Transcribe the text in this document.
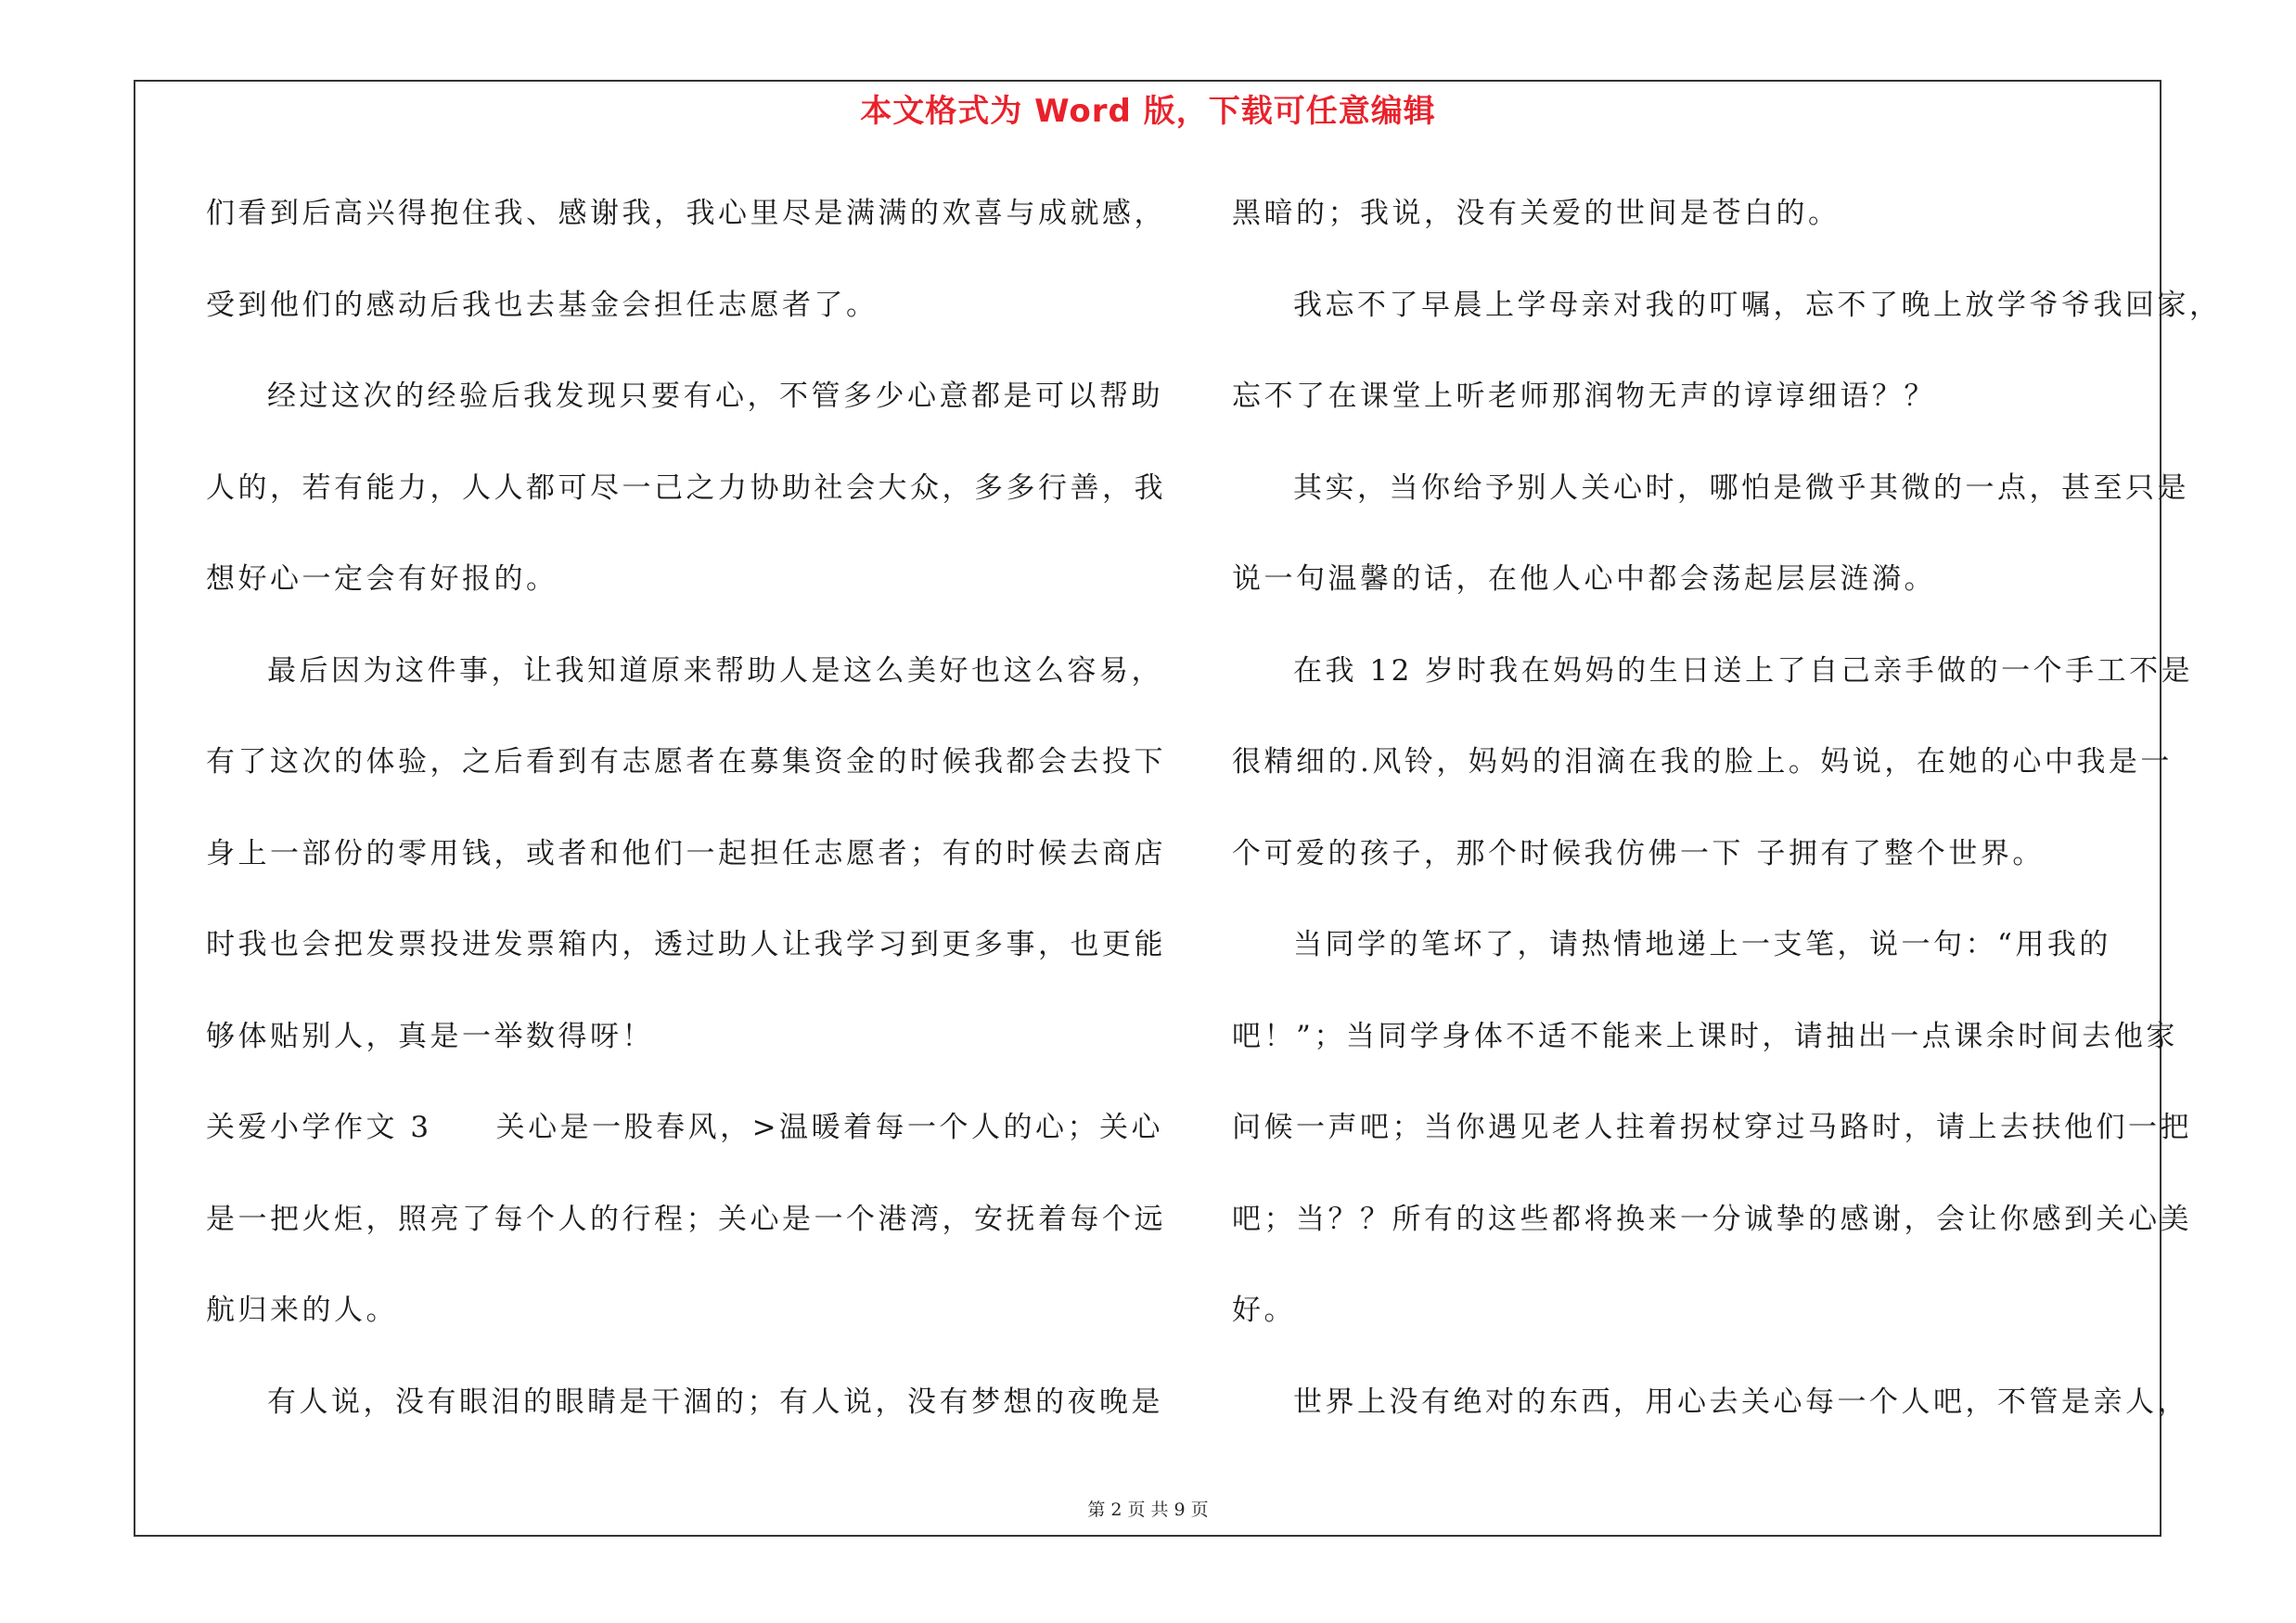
本文格式为 Word 版，下载可任意编辑
们看到后高兴得抱住我、感谢我，我心里尽是满满的欢喜与成就感，
受到他们的感动后我也去基金会担任志愿者了。
经过这次的经验后我发现只要有心，不管多少心意都是可以帮助
人的，若有能力，人人都可尽一己之力协助社会大众，多多行善，我
想好心一定会有好报的。
最后因为这件事，让我知道原来帮助人是这么美好也这么容易，
有了这次的体验，之后看到有志愿者在募集资金的时候我都会去投下
身上一部份的零用钱，或者和他们一起担任志愿者；有的时候去商店
时我也会把发票投进发票箱内，透过助人让我学习到更多事，也更能
够体贴别人，真是一举数得呀！
关爱小学作文 3　　关心是一股春风，>温暖着每一个人的心；关心
是一把火炬，照亮了每个人的行程；关心是一个港湾，安抚着每个远
航归来的人。
有人说，没有眼泪的眼睛是干涸的；有人说，没有梦想的夜晚是
黑暗的；我说，没有关爱的世间是苍白的。
我忘不了早晨上学母亲对我的叮嘱，忘不了晚上放学爷爷我回家，
忘不了在课堂上听老师那润物无声的谆谆细语？？
其实，当你给予别人关心时，哪怕是微乎其微的一点，甚至只是
说一句温馨的话，在他人心中都会荡起层层涟漪。
在我 12 岁时我在妈妈的生日送上了自己亲手做的一个手工不是
很精细的.风铃，妈妈的泪滴在我的脸上。妈说，在她的心中我是一
个可爱的孩子，那个时候我仿佛一下 子拥有了整个世界。
当同学的笔坏了，请热情地递上一支笔，说一句：“用我的
吧！”；当同学身体不适不能来上课时，请抽出一点课余时间去他家
问候一声吧；当你遇见老人拄着拐杖穿过马路时，请上去扶他们一把
吧；当？？所有的这些都将换来一分诚挚的感谢，会让你感到关心美
好。
世界上没有绝对的东西，用心去关心每一个人吧，不管是亲人，
第 2 页 共 9 页
